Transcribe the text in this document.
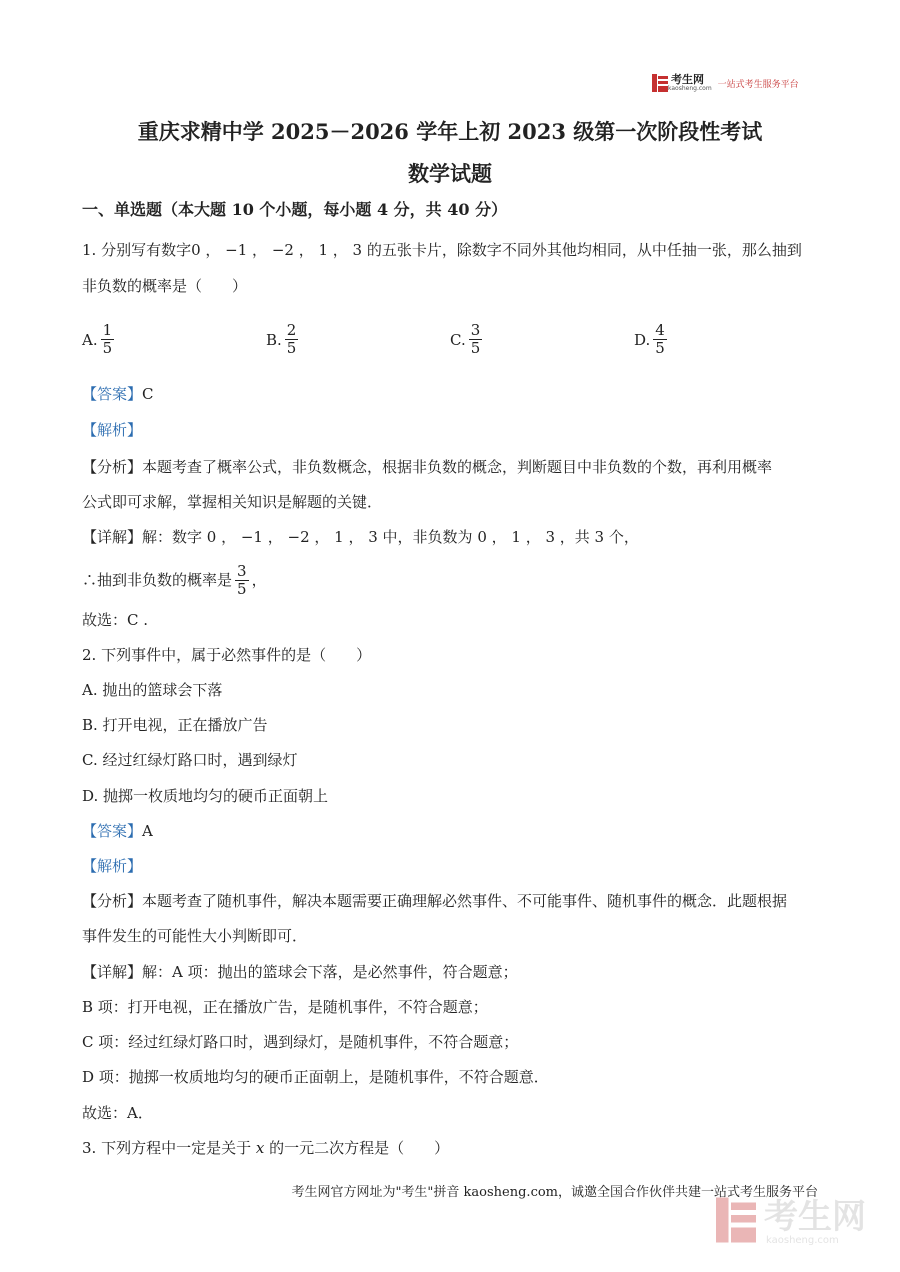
考生网
kaosheng.com 一站式考生服务平台
重庆求精中学 2025－2026 学年上初 2023 级第一次阶段性考试
数学试题
一、单选题（本大题 10 个小题，每小题 4 分，共 40 分）
1. 分别写有数字0 ， −1 ， −2 ， 1 ， 3 的五张卡片，除数字不同外其他均相同，从中任抽一张，那么抽到
非负数的概率是（　　）
A. $\frac{1}{5}$	B. $\frac{2}{5}$	C. $\frac{3}{5}$	D. $\frac{4}{5}$
【答案】C
【解析】
【分析】本题考查了概率公式，非负数概念，根据非负数的概念，判断题目中非负数的个数，再利用概率
公式即可求解，掌握相关知识是解题的关键．
【详解】解：数字 0 ， −1 ， −2 ， 1 ， 3 中，非负数为 0 ， 1 ， 3 ，共 3 个，
∴抽到非负数的概率是 $\frac{3}{5}$ ，
故选：C .
2. 下列事件中，属于必然事件的是（　　）
A. 抛出的篮球会下落
B. 打开电视，正在播放广告
C. 经过红绿灯路口时，遇到绿灯
D. 抛掷一枚质地均匀的硬币正面朝上
【答案】A
【解析】
【分析】本题考查了随机事件，解决本题需要正确理解必然事件、不可能事件、随机事件的概念．此题根据
事件发生的可能性大小判断即可．
【详解】解：A 项：抛出的篮球会下落，是必然事件，符合题意；
B 项：打开电视，正在播放广告，是随机事件，不符合题意；
C 项：经过红绿灯路口时，遇到绿灯，是随机事件，不符合题意；
D 项：抛掷一枚质地均匀的硬币正面朝上，是随机事件，不符合题意．
故选：A．
3. 下列方程中一定是关于 x 的一元二次方程是（　　）
考生网官方网址为"考生"拼音 kaosheng.com，诚邀全国合作伙伴共建一站式考生服务平台
考生网
kaosheng.com
